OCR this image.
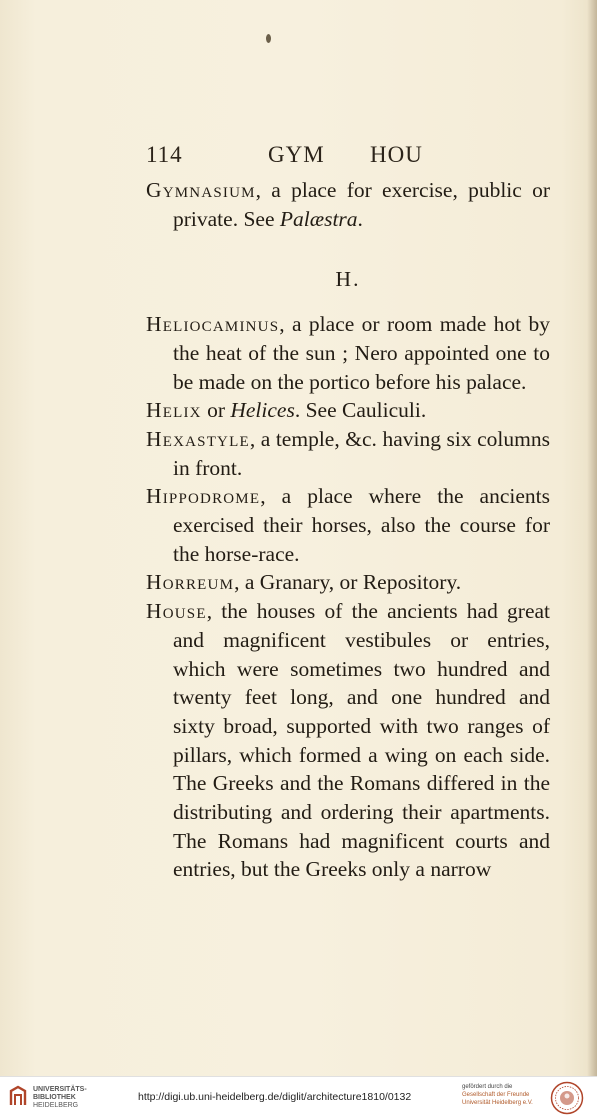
114	GYM HOU

Gymnasium, a place for exercise, public or private. See Palæstra.

H.

Heliocaminus, a place or room made hot by the heat of the sun ; Nero appointed one to be made on the portico before his palace.

Helix or Helices. See Cauliculi.

Hexastyle, a temple, &c. having six columns in front.

Hippodrome, a place where the ancients exercised their horses, also the course for the horse-race.

Horreum, a Granary, or Repository.

House, the houses of the ancients had great and magnificent vestibules or entries, which were sometimes two hundred and twenty feet long, and one hundred and sixty broad, supported with two ranges of pillars, which formed a wing on each side. The Greeks and the Romans differed in the distributing and ordering their apartments. The Romans had magnificent courts and entries, but the Greeks only a narrow

UNIVERSITÄTS-
BIBLIOTHEK
HEIDELBERG
http://digi.ub.uni-heidelberg.de/diglit/architecture1810/0132
gefördert durch die
Gesellschaft der Freunde
Universität Heidelberg e.V.
